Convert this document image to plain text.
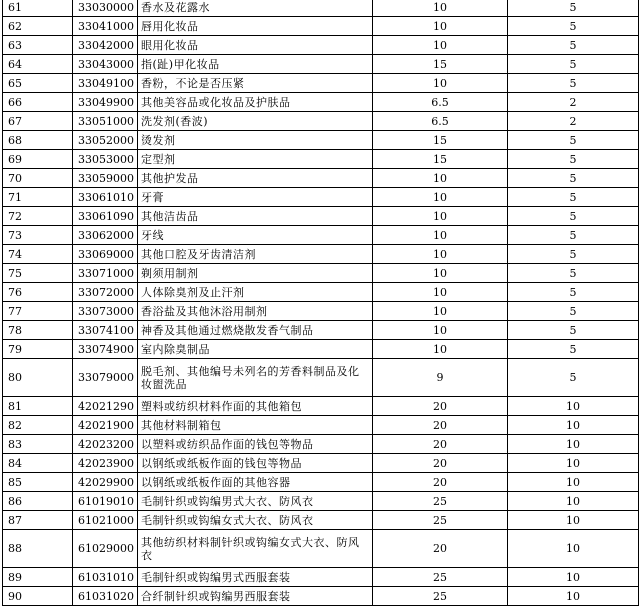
61	33030000	香水及花露水	10	5
62	33041000	唇用化妆品	10	5
63	33042000	眼用化妆品	10	5
64	33043000	指(趾)甲化妆品	15	5
65	33049100	香粉，不论是否压紧	10	5
66	33049900	其他美容品或化妆品及护肤品	6.5	2
67	33051000	洗发剂(香波)	6.5	2
68	33052000	烫发剂	15	5
69	33053000	定型剂	15	5
70	33059000	其他护发品	10	5
71	33061010	牙膏	10	5
72	33061090	其他洁齿品	10	5
73	33062000	牙线	10	5
74	33069000	其他口腔及牙齿清洁剂	10	5
75	33071000	剃须用制剂	10	5
76	33072000	人体除臭剂及止汗剂	10	5
77	33073000	香浴盐及其他沐浴用制剂	10	5
78	33074100	神香及其他通过燃烧散发香气制品	10	5
79	33074900	室内除臭制品	10	5
80	33079000	脱毛剂、其他编号未列名的芳香料制品及化妆盥洗品	9	5
81	42021290	塑料或纺织材料作面的其他箱包	20	10
82	42021900	其他材料制箱包	20	10
83	42023200	以塑料或纺织品作面的钱包等物品	20	10
84	42023900	以钢纸或纸板作面的钱包等物品	20	10
85	42029900	以钢纸或纸板作面的其他容器	20	10
86	61019010	毛制针织或钩编男式大衣、防风衣	25	10
87	61021000	毛制针织或钩编女式大衣、防风衣	25	10
88	61029000	其他纺织材料制针织或钩编女式大衣、防风衣	20	10
89	61031010	毛制针织或钩编男式西服套装	25	10
90	61031020	合纤制针织或钩编男西服套装	25	10
